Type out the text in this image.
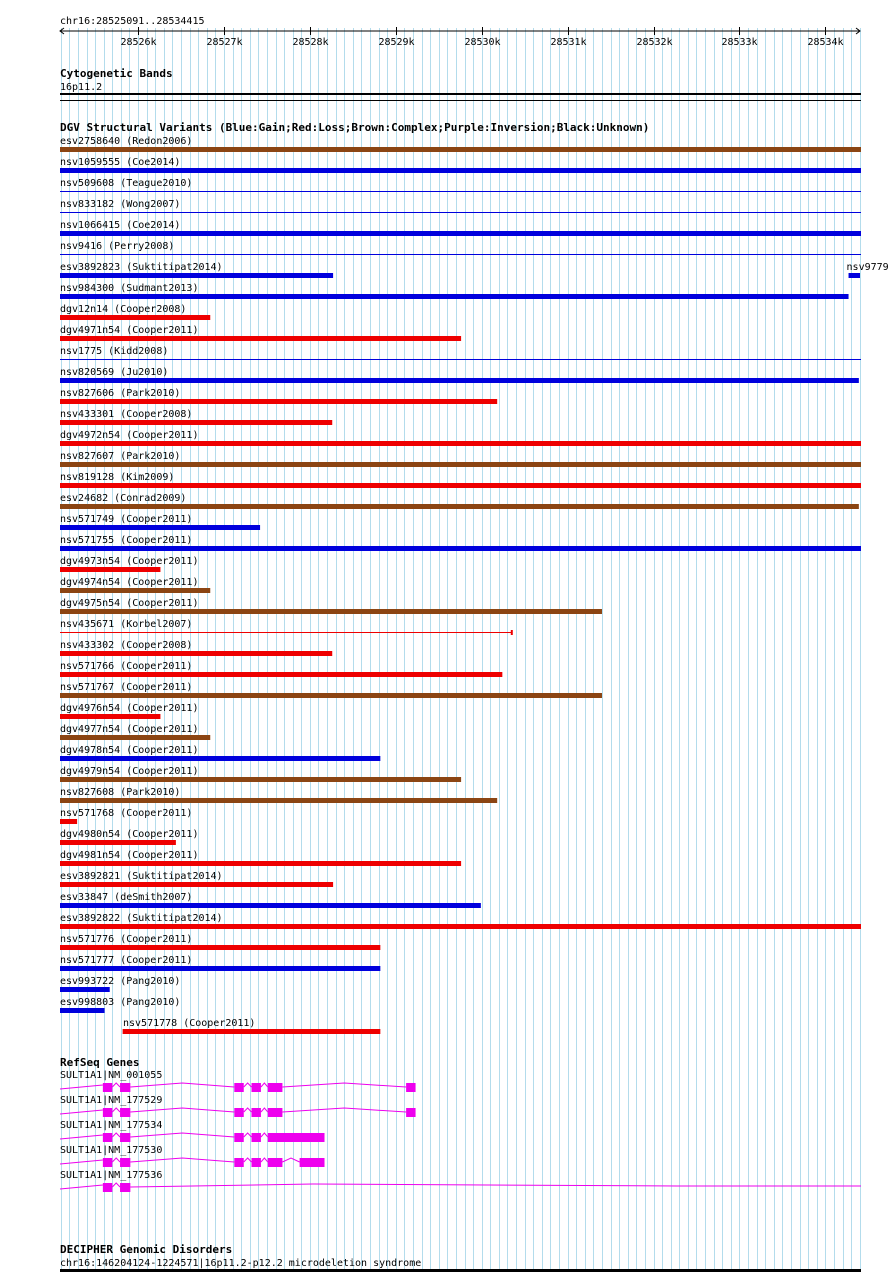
chr16:28525091..28534415
28526k	28527k	28528k	28529k	28530k	28531k	28532k	28533k	28534k
Cytogenetic Bands
16p11.2
DGV Structural Variants (Blue:Gain;Red:Loss;Brown:Complex;Purple:Inversion;Black:Unknown)
esv2758640 (Redon2006)
nsv1059555 (Coe2014)
nsv509608 (Teague2010)
nsv833182 (Wong2007)
nsv1066415 (Coe2014)
nsv9416 (Perry2008)
esv3892823 (Suktitipat2014)
nsv984300 (Sudmant2013)
dgv12n14 (Cooper2008)
dgv4971n54 (Cooper2011)
nsv1775 (Kidd2008)
nsv820569 (Ju2010)
nsv827606 (Park2010)
nsv433301 (Cooper2008)
dgv4972n54 (Cooper2011)
nsv827607 (Park2010)
nsv819128 (Kim2009)
esv24682 (Conrad2009)
nsv571749 (Cooper2011)
nsv571755 (Cooper2011)
dgv4973n54 (Cooper2011)
dgv4974n54 (Cooper2011)
dgv4975n54 (Cooper2011)
nsv435671 (Korbel2007)
nsv433302 (Cooper2008)
nsv571766 (Cooper2011)
nsv571767 (Cooper2011)
dgv4976n54 (Cooper2011)
dgv4977n54 (Cooper2011)
dgv4978n54 (Cooper2011)
dgv4979n54 (Cooper2011)
nsv827608 (Park2010)
nsv571768 (Cooper2011)
dgv4980n54 (Cooper2011)
dgv4981n54 (Cooper2011)
esv3892821 (Suktitipat2014)
esv33847 (deSmith2007)
esv3892822 (Suktitipat2014)
nsv571776 (Cooper2011)
nsv571777 (Cooper2011)
esv993722 (Pang2010)
esv998803 (Pang2010)
nsv571778 (Cooper2011)
nsv9779
RefSeq Genes
SULT1A1|NM_001055
SULT1A1|NM_177529
SULT1A1|NM_177534
SULT1A1|NM_177530
SULT1A1|NM_177536
DECIPHER Genomic Disorders
chr16:146204124-1224571|16p11.2-p12.2 microdeletion syndrome
